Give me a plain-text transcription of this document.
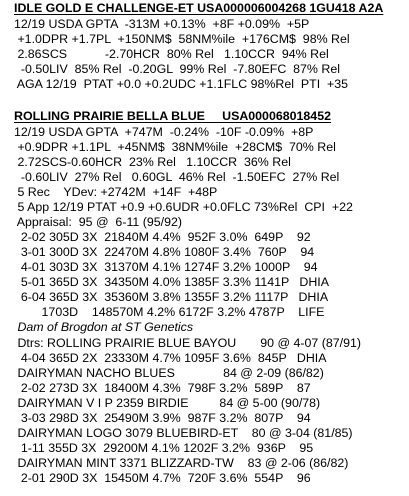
IDLE GOLD E CHALLENGE-ET USA000006004268 1GU418 A2A
12/19 USDA GPTA  -313M +0.13%  +8F +0.09%  +5P
+1.0DPR +1.7PL  +150NM$  58NM%ile  +176CM$  98% Rel
2.86SCS           -2.70HCR  80% Rel   1.10CCR  94% Rel
-0.50LIV  85% Rel  -0.20GL  99% Rel  -7.80EFC  87% Rel
AGA 12/19  PTAT +0.0 +0.2UDC +1.1FLC 98%Rel  PTI  +35
ROLLING PRAIRIE BELLA BLUE     USA000068018452
12/19 USDA GPTA  +747M  -0.24%  -10F -0.09%  +8P
+0.9DPR +1.1PL  +45NM$  38NM%ile  +28CM$  70% Rel
2.72SCS-0.60HCR  23% Rel   1.10CCR  36% Rel
-0.60LIV  27% Rel   0.60GL  46% Rel  -1.50EFC  27% Rel
5 Rec    YDev: +2742M  +14F  +48P
5 App 12/19 PTAT +0.9 +0.6UDR +0.0FLC 73%Rel  CPI  +22
Appraisal:  95 @  6-11 (95/92)
2-02 305D 3X  21840M 4.4%  952F 3.0%  649P    92
3-01 300D 3X  22470M 4.8% 1080F 3.4%  760P    94
4-01 303D 3X  31370M 4.1% 1274F 3.2% 1000P    94
5-01 365D 3X  34350M 4.0% 1385F 3.3% 1141P   DHIA
6-04 365D 3X  35360M 3.8% 1355F 3.2% 1117P   DHIA
1703D    148570M 4.2% 6172F 3.2% 4787P    LIFE
Dam of Brogdon at ST Genetics
Dtrs: ROLLING PRAIRIE BLUE BAYOU       90 @ 4-07 (87/91)
4-04 365D 2X  23330M 4.7% 1095F 3.6%  845P   DHIA
DAIRYMAN NACHO BLUES              84 @ 2-09 (86/82)
2-02 273D 3X  18400M 4.3%  798F 3.2%  589P    87
DAIRYMAN V I P 2359 BIRDIE         84 @ 5-00 (90/78)
3-03 298D 3X  25490M 3.9%  987F 3.2%  807P    94
DAIRYMAN LOGO 3079 BLUEBIRD-ET    80 @ 3-04 (81/85)
1-11 355D 3X  29200M 4.1% 1202F 3.2%  936P    95
DAIRYMAN MINT 3371 BLIZZARD-TW    83 @ 2-06 (86/82)
2-01 290D 3X  15450M 4.7%  720F 3.6%  554P    96
